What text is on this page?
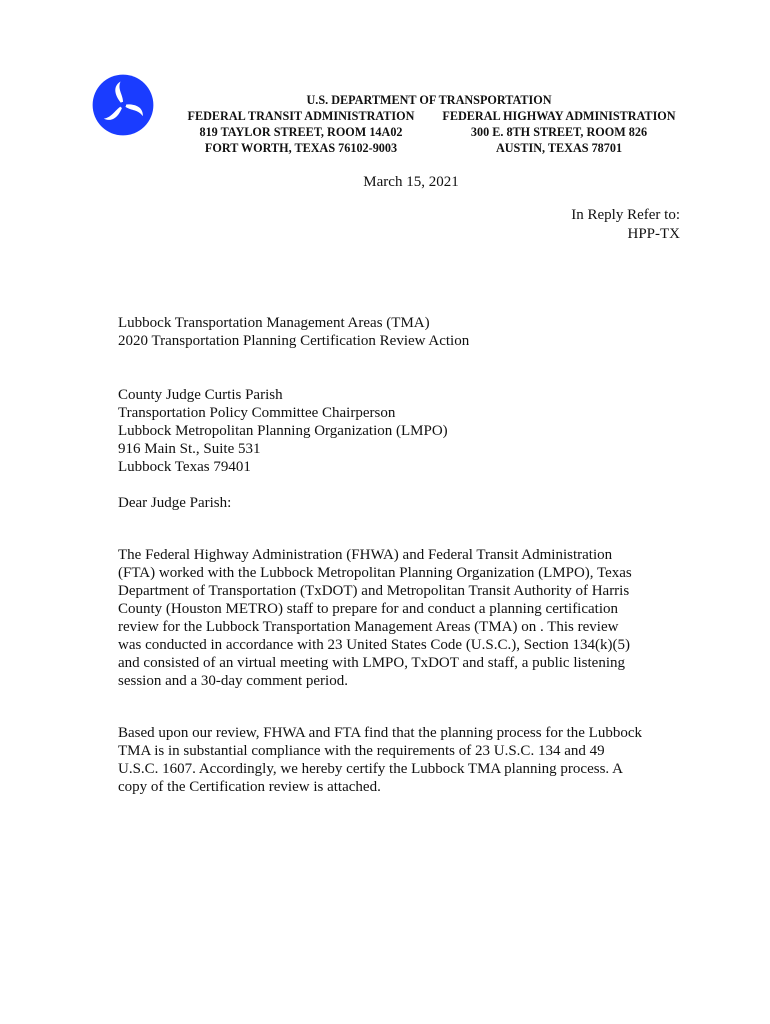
U.S. DEPARTMENT OF TRANSPORTATION
FEDERAL TRANSIT ADMINISTRATION
819 TAYLOR STREET, ROOM 14A02
FORT WORTH, TEXAS 76102-9003
FEDERAL HIGHWAY ADMINISTRATION
300 E. 8TH STREET, ROOM 826
AUSTIN, TEXAS 78701
March 15, 2021
In Reply Refer to:
HPP-TX
Lubbock Transportation Management Areas (TMA)
2020 Transportation Planning Certification Review Action
County Judge Curtis Parish
Transportation Policy Committee Chairperson
Lubbock Metropolitan Planning Organization (LMPO)
916 Main St., Suite 531
Lubbock Texas 79401
Dear Judge Parish:
The Federal Highway Administration (FHWA) and Federal Transit Administration
(FTA) worked with the Lubbock Metropolitan Planning Organization (LMPO), Texas
Department of Transportation (TxDOT) and Metropolitan Transit Authority of Harris
County (Houston METRO) staff to prepare for and conduct a planning certification
review for the Lubbock Transportation Management Areas (TMA) on . This review
was conducted in accordance with 23 United States Code (U.S.C.), Section 134(k)(5)
and consisted of an virtual meeting with LMPO, TxDOT and staff, a public listening
session and a 30-day comment period.
Based upon our review, FHWA and FTA find that the planning process for the Lubbock
TMA is in substantial compliance with the requirements of 23 U.S.C. 134 and 49
U.S.C. 1607. Accordingly, we hereby certify the Lubbock TMA planning process. A
copy of the Certification review is attached.
